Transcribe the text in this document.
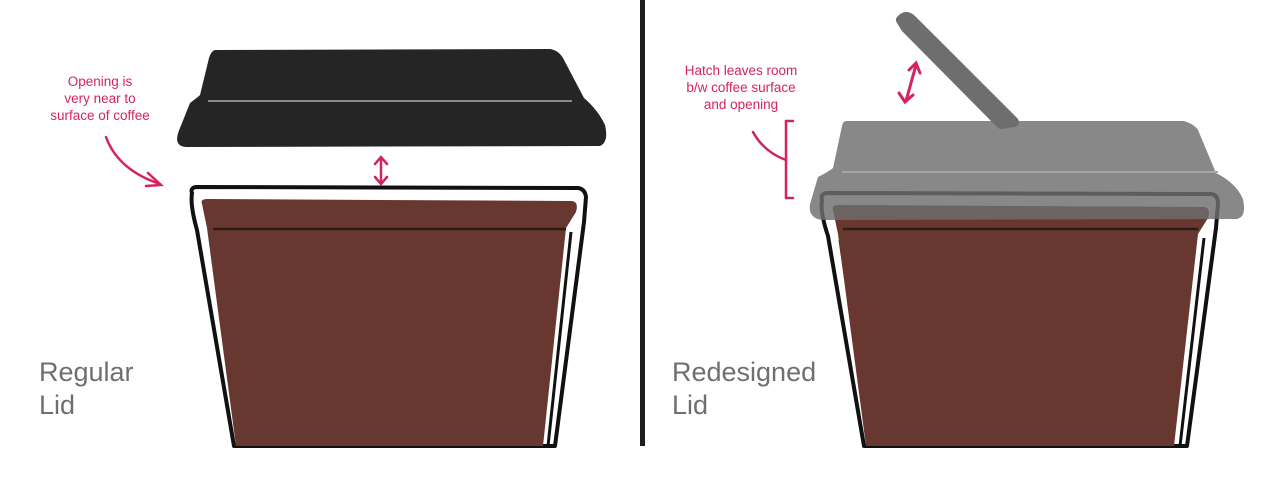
Opening is
very near to
surface of coffee
Regular
Lid
Hatch leaves room
b/w coffee surface
and opening
Redesigned
Lid
